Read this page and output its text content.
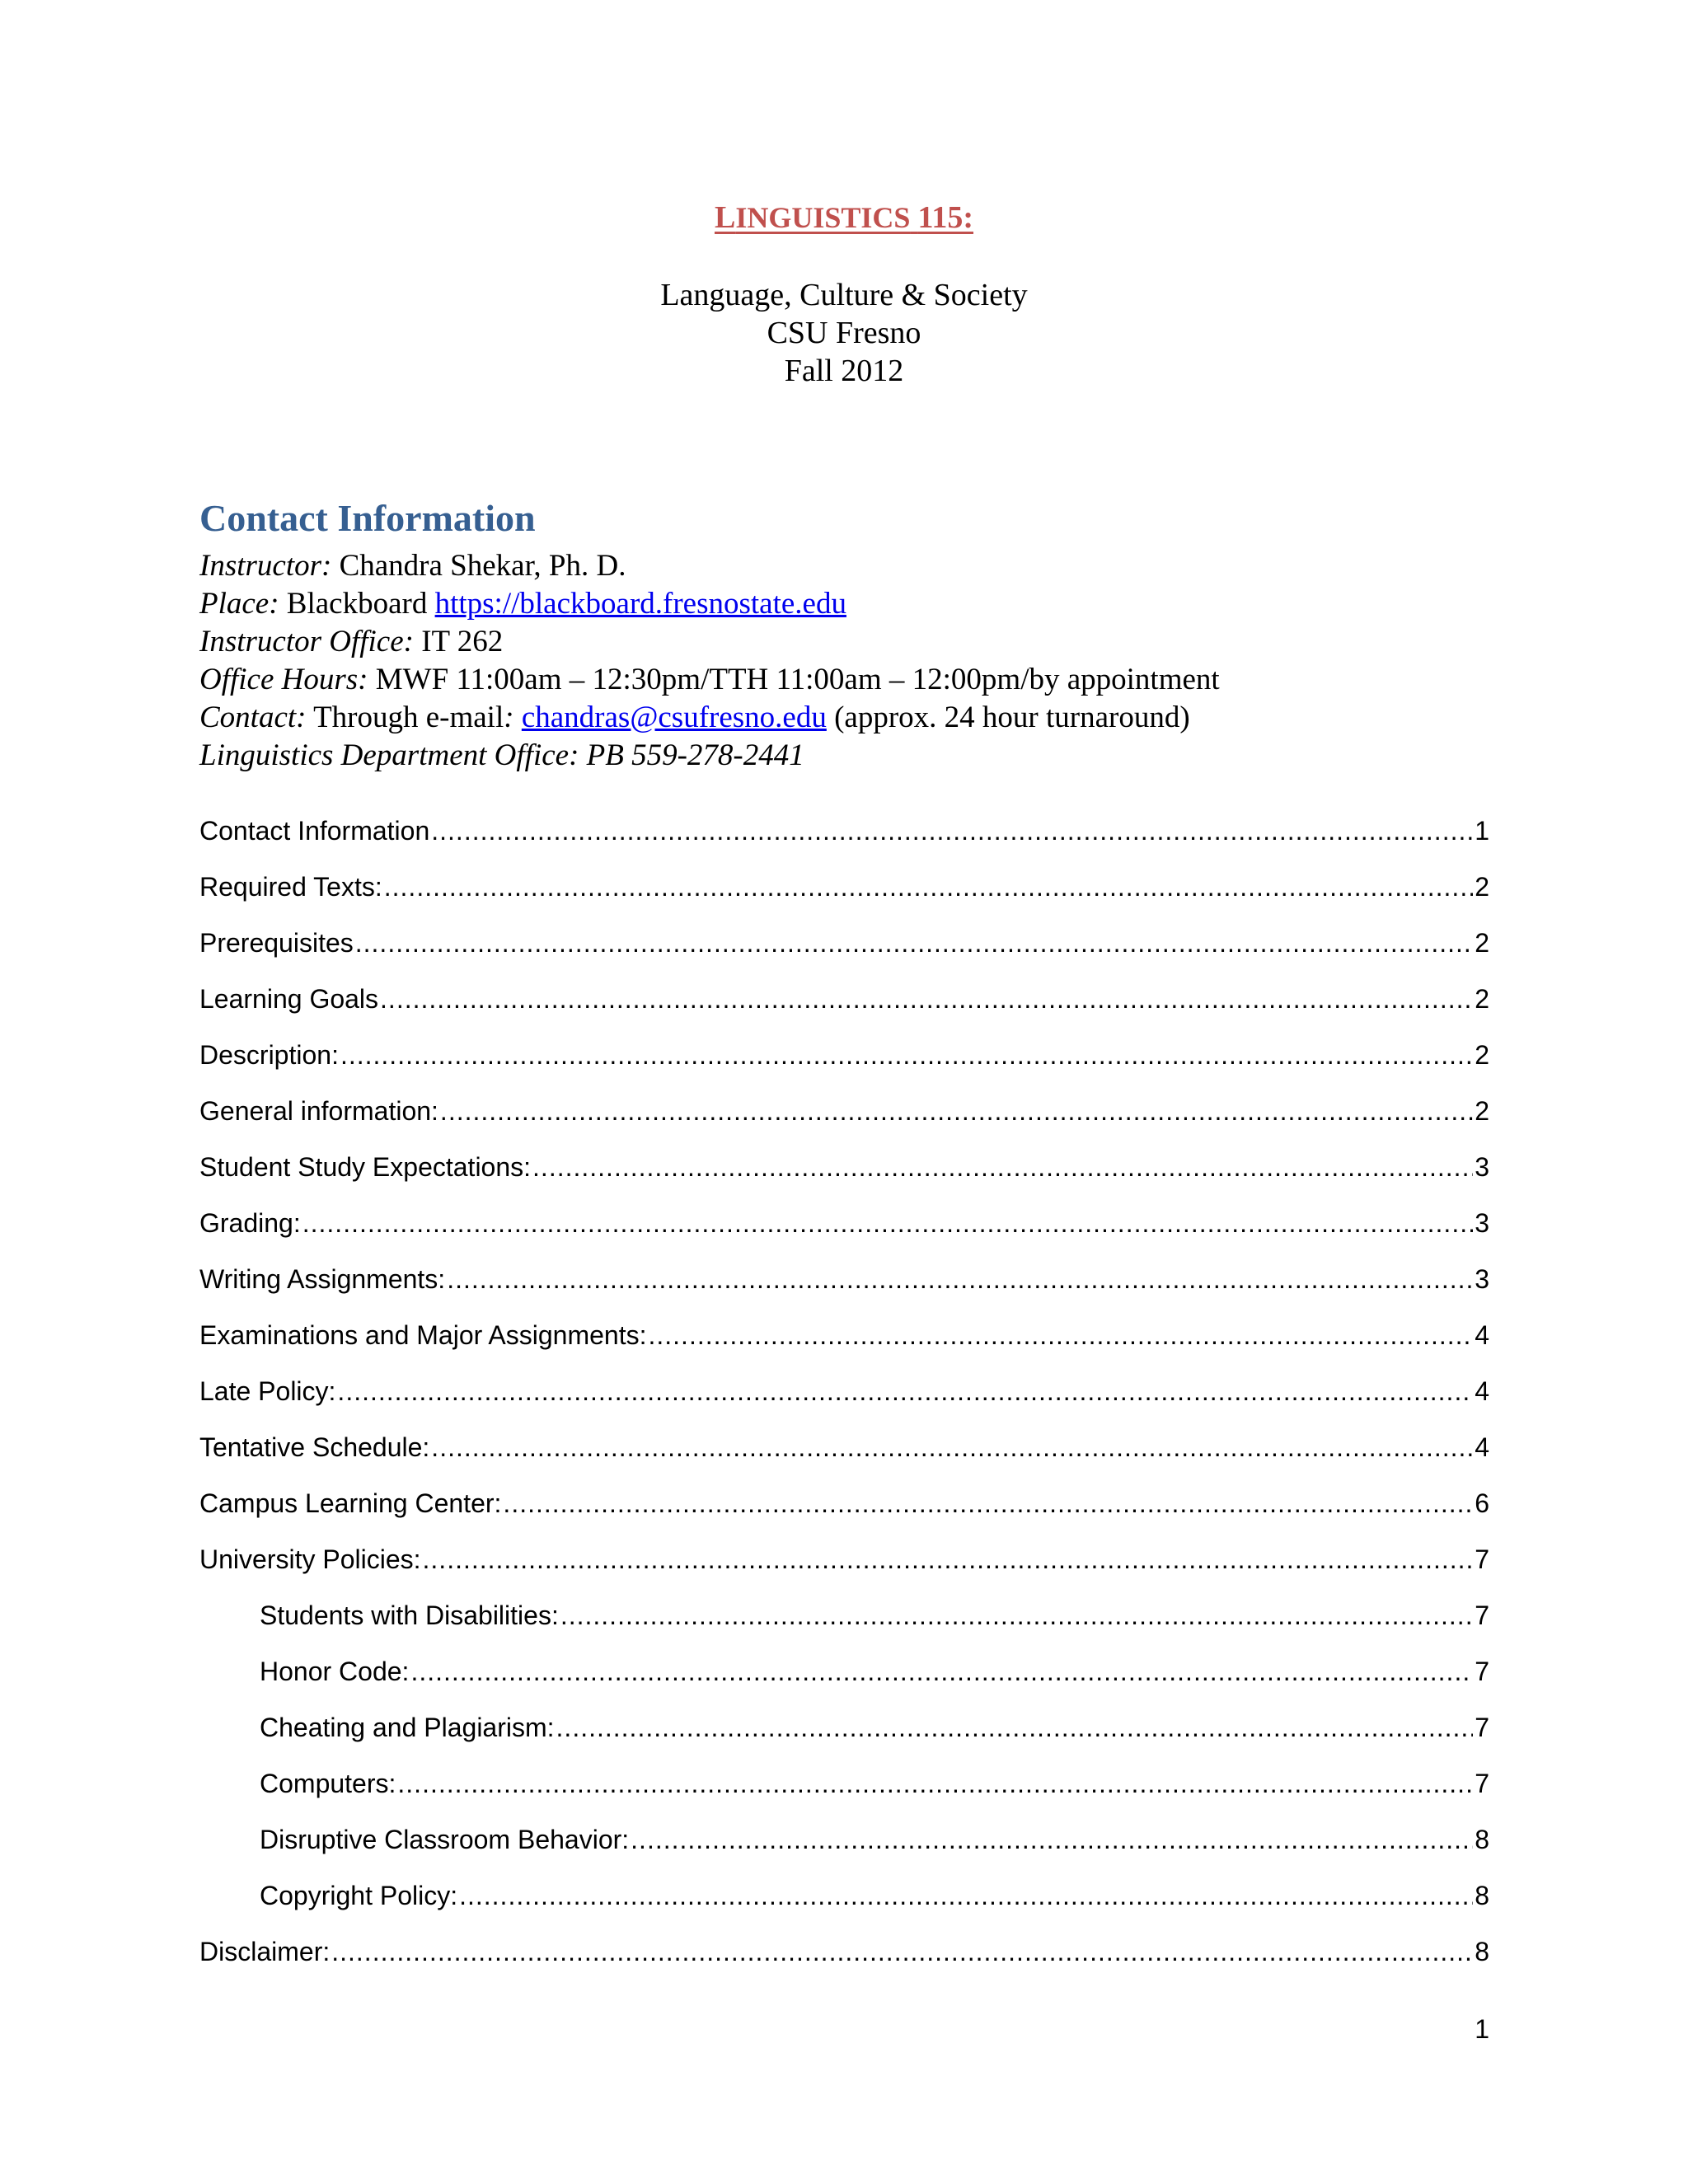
LINGUISTICS 115:
Language, Culture & Society
CSU Fresno
Fall 2012
Contact Information
Instructor: Chandra Shekar, Ph. D.
Place: Blackboard https://blackboard.fresnostate.edu
Instructor Office: IT 262
Office Hours: MWF 11:00am – 12:30pm/TTH 11:00am – 12:00pm/by appointment
Contact: Through e-mail: chandras@csufresno.edu (approx. 24 hour turnaround)
Linguistics Department Office: PB 559-278-2441
Contact Information .....	1
Required Texts: .....	2
Prerequisites .....	2
Learning Goals .....	2
Description: .....	2
General information: .....	2
Student Study Expectations: .....	3
Grading: .....	3
Writing Assignments: .....	3
Examinations and Major Assignments: .....	4
Late Policy: .....	4
Tentative Schedule: .....	4
Campus Learning Center: .....	6
University Policies: .....	7
Students with Disabilities: .....	7
Honor Code: .....	7
Cheating and Plagiarism: .....	7
Computers: .....	7
Disruptive Classroom Behavior: .....	8
Copyright Policy: .....	8
Disclaimer: .....	8
1
